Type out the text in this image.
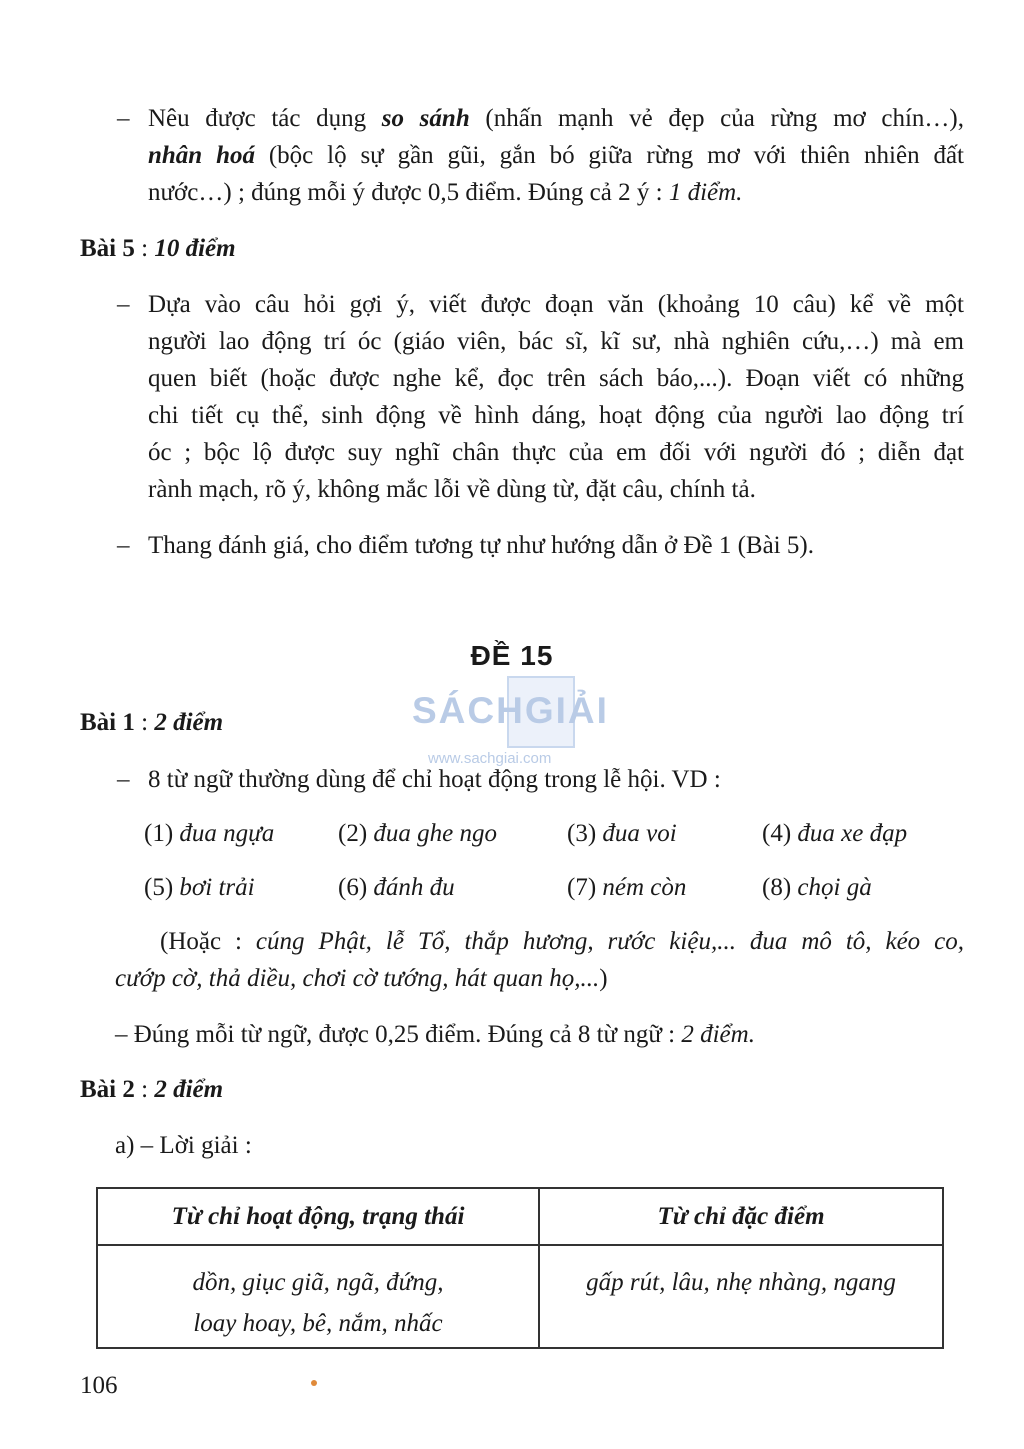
– Nêu được tác dụng so sánh (nhấn mạnh vẻ đẹp của rừng mơ chín…),
nhân hoá (bộc lộ sự gần gũi, gắn bó giữa rừng mơ với thiên nhiên đất
nước…) ; đúng mỗi ý được 0,5 điểm. Đúng cả 2 ý : 1 điểm.
Bài 5 : 10 điểm
– Dựa vào câu hỏi gợi ý, viết được đoạn văn (khoảng 10 câu) kể về một
người lao động trí óc (giáo viên, bác sĩ, kĩ sư, nhà nghiên cứu,…) mà em
quen biết (hoặc được nghe kể, đọc trên sách báo,...). Đoạn viết có những
chi tiết cụ thể, sinh động về hình dáng, hoạt động của người lao động trí
óc ; bộc lộ được suy nghĩ chân thực của em đối với người đó ; diễn đạt
rành mạch, rõ ý, không mắc lỗi về dùng từ, đặt câu, chính tả.
– Thang đánh giá, cho điểm tương tự như hướng dẫn ở Đề 1 (Bài 5).
ĐỀ 15
SÁCHGIẢI
www.sachgiai.com
Bài 1 : 2 điểm
– 8 từ ngữ thường dùng để chỉ hoạt động trong lễ hội. VD :
(1) đua ngựa	(2) đua ghe ngo	(3) đua voi	(4) đua xe đạp
(5) bơi trải	(6) đánh đu	(7) ném còn	(8) chọi gà
(Hoặc : cúng Phật, lễ Tổ, thắp hương, rước kiệu,... đua mô tô, kéo co,
cướp cờ, thả diều, chơi cờ tướng, hát quan họ,...)
– Đúng mỗi từ ngữ, được 0,25 điểm. Đúng cả 8 từ ngữ : 2 điểm.
Bài 2 : 2 điểm
a) – Lời giải :
Từ chỉ hoạt động, trạng thái	Từ chỉ đặc điểm

dồn, giục giã, ngã, đứng,
loay hoay, bê, nắm, nhấc	gấp rút, lâu, nhẹ nhàng, ngang
106
